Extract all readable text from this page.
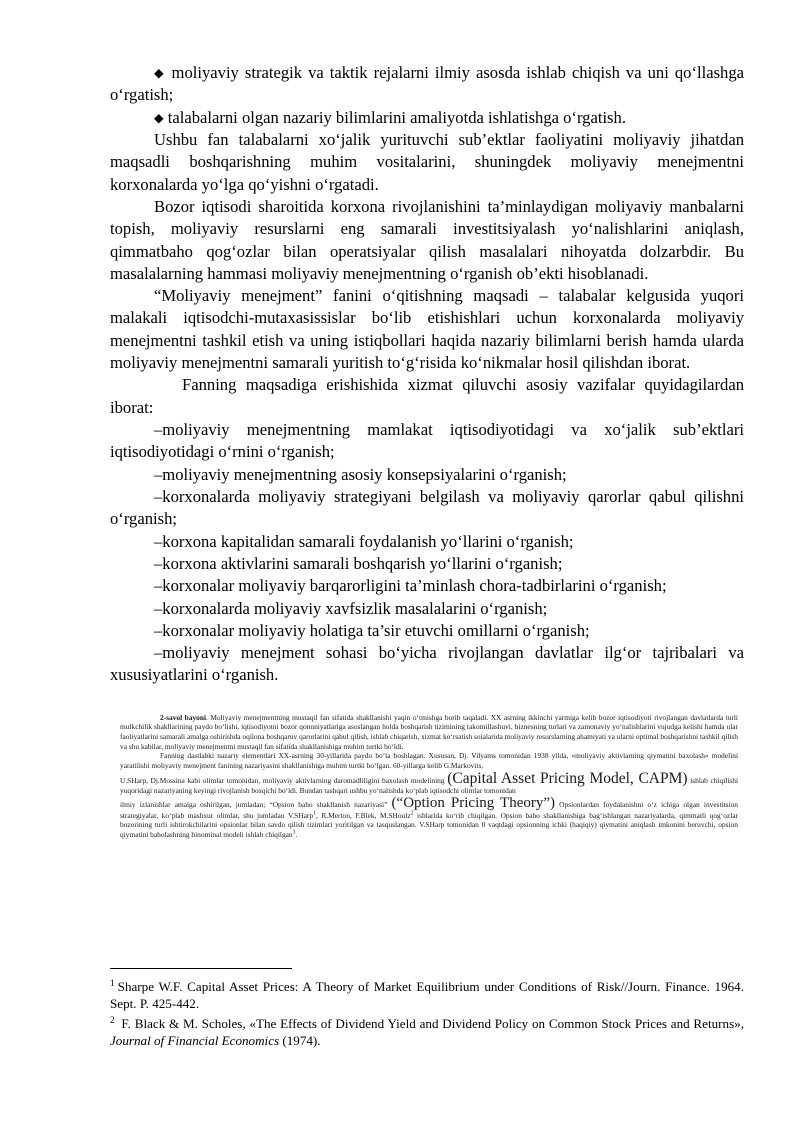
◆ moliyaviy strategik va taktik rejalarni ilmiy asosda ishlab chiqish va uni qo‘llashga o‘rgatish;

◆ talabalarni olgan nazariy bilimlarini amaliyotda ishlatishga o‘rgatish.

Ushbu fan talabalarni xo‘jalik yurituvchi sub’ektlar faoliyatini moliyaviy jihatdan maqsadli boshqarishning muhim vositalarini, shuningdek moliyaviy menejmentni korxonalarda yo‘lga qo‘yishni o‘rgatadi.

Bozor iqtisodi sharoitida korxona rivojlanishini ta’minlaydigan moliyaviy manbalarni topish, moliyaviy resurslarni eng samarali investitsiyalash yo‘nalishlarini aniqlash, qimmatbaho qog‘ozlar bilan operatsiyalar qilish masalalari nihoyatda dolzarbdir. Bu masalalarning hammasi moliyaviy menejmentning o‘rganish ob’ekti hisoblanadi.

“Moliyaviy menejment” fanini o‘qitishning maqsadi – talabalar kelgusida yuqori malakali iqtisodchi-mutaxasissislar bo‘lib etishishlari uchun korxonalarda moliyaviy menejmentni tashkil etish va uning istiqbollari haqida nazariy bilimlarni berish hamda ularda moliyaviy menejmentni samarali yuritish to‘g‘risida ko‘nikmalar hosil qilishdan iborat.

Fanning maqsadiga erishishida xizmat qiluvchi asosiy vazifalar quyidagilardan iborat:

–moliyaviy menejmentning mamlakat iqtisodiyotidagi va xo‘jalik sub’ektlari iqtisodiyotidagi o‘rnini o‘rganish;

–moliyaviy menejmentning asosiy konsepsiyalarini o‘rganish;

–korxonalarda moliyaviy strategiyani belgilash va moliyaviy qarorlar qabul qilishni o‘rganish;

–korxona kapitalidan samarali foydalanish yo‘llarini o‘rganish;

–korxona aktivlarini samarali boshqarish yo‘llarini o‘rganish;

–korxonalar moliyaviy barqarorligini ta’minlash chora-tadbirlarini o‘rganish;

–korxonalarda moliyaviy xavfsizlik masalalarini o‘rganish;

–korxonalar moliyaviy holatiga ta’sir etuvchi omillarni o‘rganish;

–moliyaviy menejment sohasi bo‘yicha rivojlangan davlatlar ilg‘or tajribalari va xususiyatlarini o‘rganish.

2-savol bayoni. Moliyaviy menejmentning mustaqil fan sifatida shakllanishi yaqin o‘tmishga borib taqaladi. XX asrning ikkinchi yarmiga kelib bozor iqtisodiyoti rivojlangan davlatlarda turli mulkchilik shakllarining paydo bo‘lishi, iqtisodiyotni bozor qonuniyatlariga asoslangan holda boshqarish tizimining takomillashuvi, biznesning turlari va zamonaviy yo‘nalishlarini vujudga kelishi hamda ular faoliyatlarini samarali amalga oshirishda oqilona boshqaruv qarorlarini qabul qilish, ishlab chiqarish, xizmat ko‘rsatish soialarida moliyaviy resurslarning ahamiyati va ularni optimal boshqarishni tashkil qilish va shu kabilar, moliyaviy menejmentni mustaqil fan sifatida shakllanishiga muhim turtki bo‘ldi.

Fanning dastlabki nazariy elementlari XX-asrning 30-yillarida paydo bo‘la boshlagan. Xususan, Dj. Vilyams tomonidan 1938 yilda, «moliyaviy aktivlarning qiymatini baxolash» modelini yaratilishi moliyaviy menejment fanining nazariyasini shakllanishiga muhim turtki bo‘lgan. 60-yillarga kelib G.Markovits,

U.SHarp, Dj.Mossina kabi olimlar tomonidan, moliyaviy aktivlarning daromadliligini baxolash modelining (Capital Asset Pricing Model, CAPM) ishlab chiqilishi yuqoridagi nazariyaning keyingi rivojlanish bosqichi bo‘ldi. Bundan tashqari ushbu yo‘nalishda ko‘plab iqtisodchi olimlar tomonidan

ilmiy izlanishlar amalga oshirilgan, jumladan; “Opsion baho shakllanish nazariyasi” (“Option Pricing Theory”) Opsionlardan foydalanishni o‘z ichiga olgan investitsion strategiyalar, ko‘plab mashxur olimlar, shu jumladan V.SHarp$^1$, R.Merton, F.Blek, M.SHoulz$^2$ ishlarida ko‘rib chiqilgan. Opsion baho shakllanishiga bag‘ishlangan nazariyalarda, qimmatli qog‘ozlar bozorining turli ishtirokchilarini opsionlar bilan savdo qilish tizimlari yoritilgan va tasquslangan. V.SHarp tomonidan 0 vaqtdagi opsionning ichki (haqiqiy) qiymatini aniqlash imkonini beruvchi, opsion qiymatini baholashning binominal modeli ishlab chiqilgan$^3$.

$^1$ Sharpe W.F. Capital Asset Prices: A Theory of Market Equilibrium under Conditions of Risk//Journ. Finance. 1964. Sept. P. 425-442.
$^2$ F. Black & M. Scholes, «The Effects of Dividend Yield and Dividend Policy on Common Stock Prices and Returns», Journal of Financial Economics (1974).
